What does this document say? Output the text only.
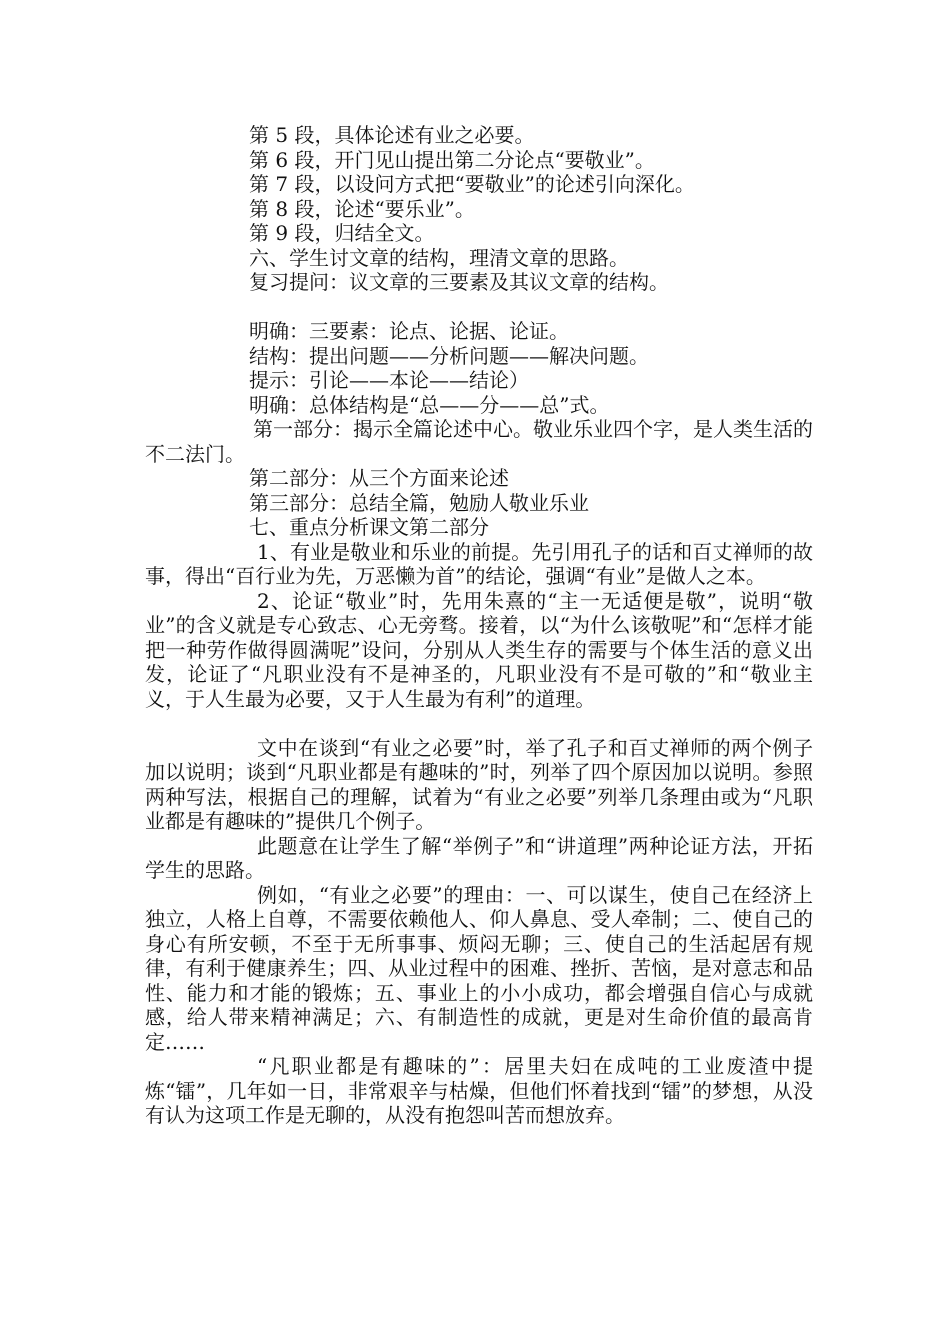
第 5 段，具体论述有业之必要。

第 6 段，开门见山提出第二分论点“要敬业”。

第 7 段，以设问方式把“要敬业”的论述引向深化。

第 8 段，论述“要乐业”。

第 9 段，归结全文。

六、学生讨文章的结构，理清文章的思路。

复习提问：议文章的三要素及其议文章的结构。

明确：三要素：论点、论据、论证。

结构：提出问题——分析问题——解决问题。

提示：引论——本论——结论）

明确：总体结构是“总——分——总”式。

第一部分：揭示全篇论述中心。敬业乐业四个字，是人类生活的不二法门。

第二部分：从三个方面来论述

第三部分：总结全篇，勉励人敬业乐业

七、重点分析课文第二部分

1、有业是敬业和乐业的前提。先引用孔子的话和百丈禅师的故事，得出“百行业为先，万恶懒为首”的结论，强调“有业”是做人之本。

2、论证“敬业”时，先用朱熹的“主一无适便是敬”，说明“敬业”的含义就是专心致志、心无旁骛。接着，以“为什么该敬呢”和“怎样才能把一种劳作做得圆满呢”设问，分别从人类生存的需要与个体生活的意义出发，论证了“凡职业没有不是神圣的，凡职业没有不是可敬的”和“敬业主义，于人生最为必要，又于人生最为有利”的道理。

文中在谈到“有业之必要”时，举了孔子和百丈禅师的两个例子加以说明；谈到“凡职业都是有趣味的”时，列举了四个原因加以说明。参照两种写法，根据自己的理解，试着为“有业之必要”列举几条理由或为“凡职业都是有趣味的”提供几个例子。

此题意在让学生了解“举例子”和“讲道理”两种论证方法，开拓学生的思路。

例如，“有业之必要”的理由：一、可以谋生，使自己在经济上独立，人格上自尊，不需要依赖他人、仰人鼻息、受人牵制；二、使自己的身心有所安顿，不至于无所事事、烦闷无聊；三、使自己的生活起居有规律，有利于健康养生；四、从业过程中的困难、挫折、苦恼，是对意志和品性、能力和才能的锻炼；五、事业上的小小成功，都会增强自信心与成就感，给人带来精神满足；六、有制造性的成就，更是对生命价值的最高肯定……

“凡职业都是有趣味的”：居里夫妇在成吨的工业废渣中提炼“镭”，几年如一日，非常艰辛与枯燥，但他们怀着找到“镭”的梦想，从没有认为这项工作是无聊的，从没有抱怨叫苦而想放弃。
